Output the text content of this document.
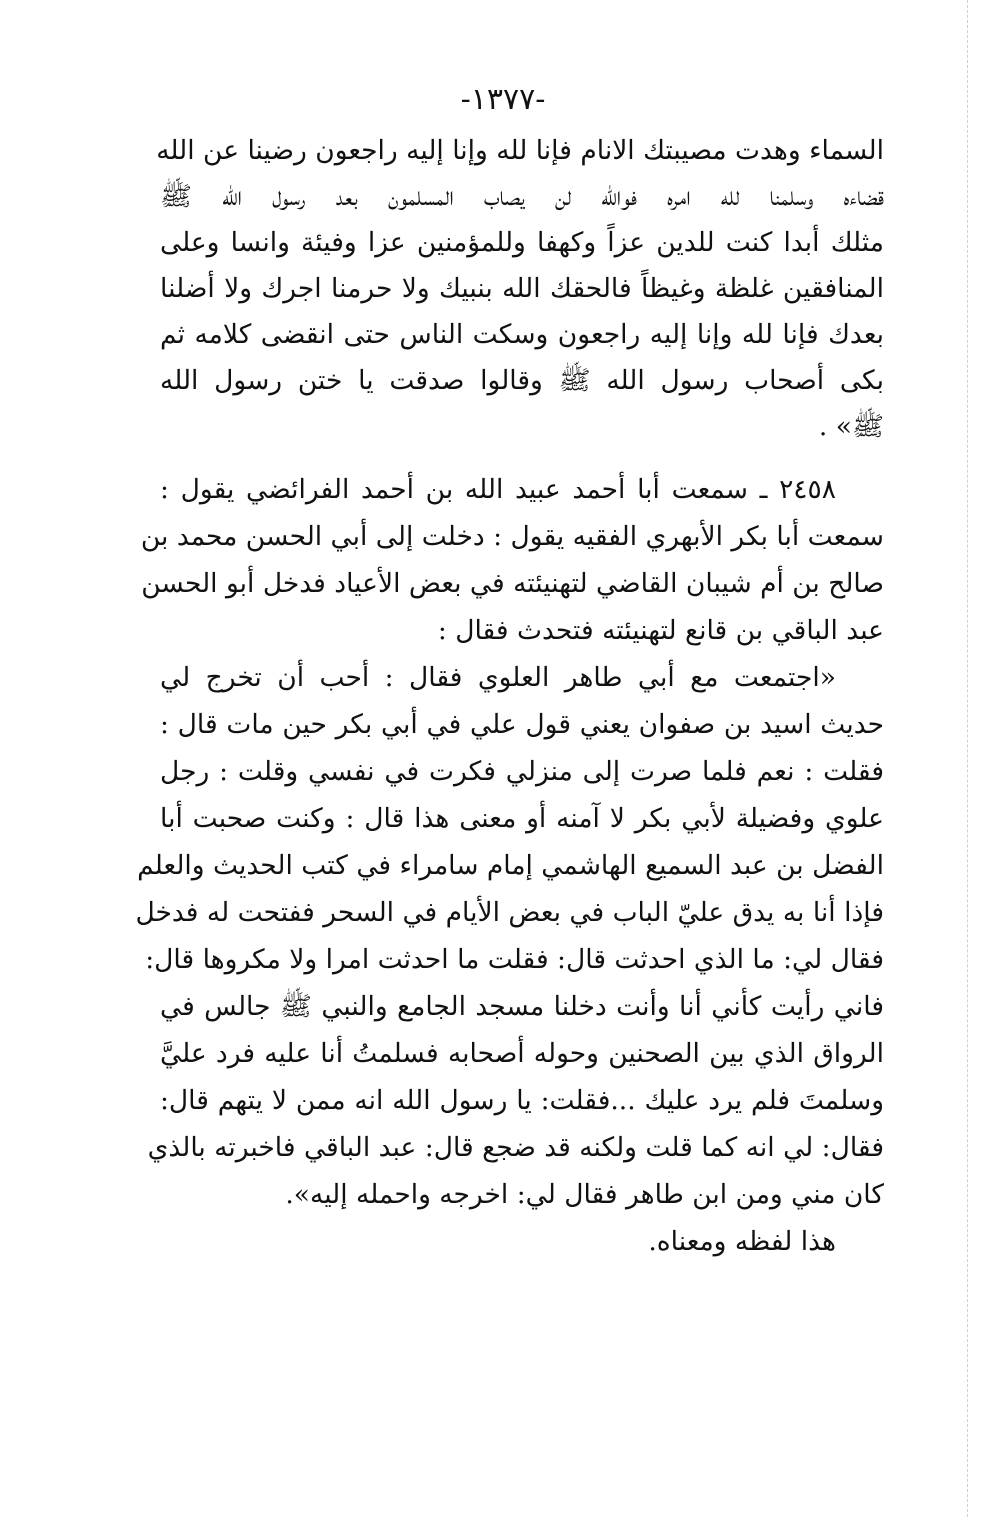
-١٣٧٧-
السماء وهدت مصيبتك الانام فإنا لله وإنا إليه راجعون رضينا عن الله
قضاءه وسلمنا لله امره فوالله لن يصاب المسلمون بعد رسول الله ﷺ
مثلك أبدا كنت للدين عزاً وكهفا وللمؤمنين عزا وفيئة وانسا وعلى
المنافقين غلظة وغيظاً فالحقك الله بنبيك ولا حرمنا اجرك ولا أضلنا
بعدك فإنا لله وإنا إليه راجعون وسكت الناس حتى انقضى كلامه ثم
بكى أصحاب رسول الله ﷺ وقالوا صدقت يا ختن رسول الله
ﷺ» .
٢٤٥٨ ـ سمعت أبا أحمد عبيد الله بن أحمد الفرائضي يقول :
سمعت أبا بكر الأبهري الفقيه يقول : دخلت إلى أبي الحسن محمد بن
صالح بن أم شيبان القاضي لتهنيئته في بعض الأعياد فدخل أبو الحسن
عبد الباقي بن قانع لتهنيئته فتحدث فقال :
«اجتمعت مع أبي طاهر العلوي فقال : أحب أن تخرج لي
حديث اسيد بن صفوان يعني قول علي في أبي بكر حين مات قال :
فقلت : نعم فلما صرت إلى منزلي فكرت في نفسي وقلت : رجل
علوي وفضيلة لأبي بكر لا آمنه أو معنى هذا قال : وكنت صحبت أبا
الفضل بن عبد السميع الهاشمي إمام سامراء في كتب الحديث والعلم
فإذا أنا به يدق عليّ الباب في بعض الأيام في السحر ففتحت له فدخل
فقال لي: ما الذي احدثت قال: فقلت ما احدثت امرا ولا مكروها قال:
فاني رأيت كأني أنا وأنت دخلنا مسجد الجامع والنبي ﷺ جالس في
الرواق الذي بين الصحنين وحوله أصحابه فسلمتُ أنا عليه فرد عليَّ
وسلمتَ فلم يرد عليك ...فقلت: يا رسول الله انه ممن لا يتهم قال:
فقال: لي انه كما قلت ولكنه قد ضجع قال: عبد الباقي فاخبرته بالذي
كان مني ومن ابن طاهر فقال لي: اخرجه واحمله إليه».
هذا لفظه ومعناه.
